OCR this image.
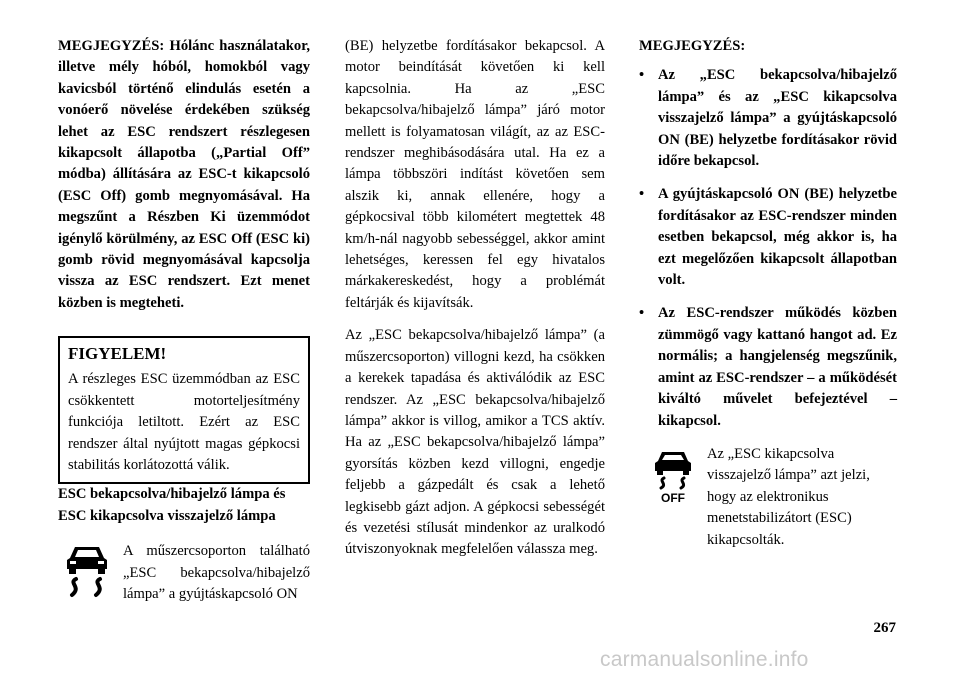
MEGJEGYZÉS: Hólánc használatakor, illetve mély hóból, homokból vagy kavicsból történő elindulás esetén a vonóerő növelése érdekében szükség lehet az ESC rendszert részlegesen kikapcsolt állapotba („Partial Off” módba) állítására az ESC-t kikapcsoló (ESC Off) gomb megnyomásával. Ha megszűnt a Részben Ki üzemmódot igénylő körülmény, az ESC Off (ESC ki) gomb rövid megnyomásával kapcsolja vissza az ESC rendszert. Ezt menet közben is megteheti.

FIGYELEM!

A részleges ESC üzemmódban az ESC csökkentett motorteljesítmény funkciója letiltott. Ezért az ESC rendszer által nyújtott magas gépkocsi stabilitás korlátozottá válik.

ESC bekapcsolva/hibajelző lámpa és ESC kikapcsolva visszajelző lámpa

A műszercsoporton található „ESC bekapcsolva/hibajelző lámpa” a gyújtáskapcsoló ON

(BE) helyzetbe fordításakor bekapcsol. A motor beindítását követően ki kell kapcsolnia. Ha az „ESC bekapcsolva/hibajelző lámpa” járó motor mellett is folyamatosan világít, az az ESC-rendszer meghibásodására utal. Ha ez a lámpa többszöri indítást követően sem alszik ki, annak ellenére, hogy a gépkocsival több kilométert megtettek 48 km/h-nál nagyobb sebességgel, akkor amint lehetséges, keressen fel egy hivatalos márkakereskedést, hogy a problémát feltárják és kijavítsák.

Az „ESC bekapcsolva/hibajelző lámpa” (a műszercsoporton) villogni kezd, ha csökken a kerekek tapadása és aktiválódik az ESC rendszer. Az „ESC bekapcsolva/hibajelző lámpa” akkor is villog, amikor a TCS aktív. Ha az „ESC bekapcsolva/hibajelző lámpa” gyorsítás közben kezd villogni, engedje feljebb a gázpedált és csak a lehető legkisebb gázt adjon. A gépkocsi sebességét és vezetési stílusát mindenkor az uralkodó útviszonyoknak megfelelően válassza meg.

MEGJEGYZÉS:

• Az „ESC bekapcsolva/hibajelző lámpa” és az „ESC kikapcsolva visszajelző lámpa” a gyújtáskapcsoló ON (BE) helyzetbe fordításakor rövid időre bekapcsol.
• A gyújtáskapcsoló ON (BE) helyzetbe fordításakor az ESC-rendszer minden esetben bekapcsol, még akkor is, ha ezt megelőzően kikapcsolt állapotban volt.
• Az ESC-rendszer működés közben zümmögő vagy kattanó hangot ad. Ez normális; a hangjelenség megszűnik, amint az ESC-rendszer – a működését kiváltó művelet befejeztével – kikapcsol.
OFF

Az „ESC kikapcsolva visszajelző lámpa” azt jelzi, hogy az elektronikus menetstabilizátort (ESC) kikapcsolták.

267
carmanualsonline.info
